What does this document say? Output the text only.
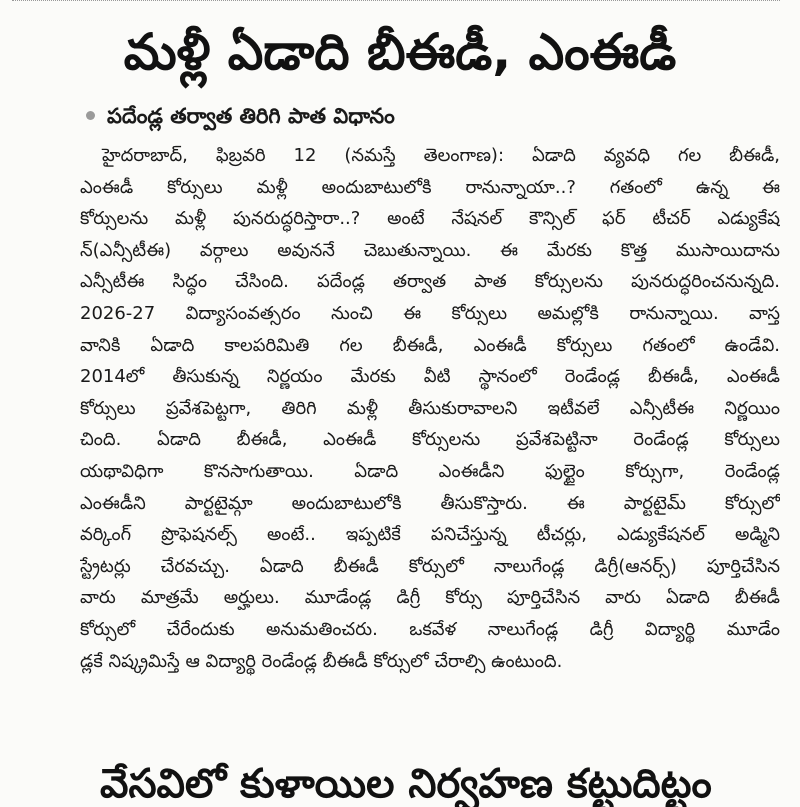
మళ్లీ ఏడాది బీఈడీ, ఎంఈడీ
పదేండ్ల తర్వాత తిరిగి పాత విధానం
హైదరాబాద్, ఫిబ్రవరి 12 (నమస్తే తెలంగాణ): ఏడాది వ్యవధి గల బీఈడీ,
ఎంఈడీ కోర్సులు మళ్లీ అందుబాటులోకి రానున్నాయా..? గతంలో ఉన్న ఈ
కోర్సులను మళ్లీ పునరుద్ధరిస్తారా..? అంటే నేషనల్ కౌన్సిల్ ఫర్ టీచర్ ఎడ్యుకేష
న్(ఎన్సీటీఈ) వర్గాలు అవుననే చెబుతున్నాయి. ఈ మేరకు కొత్త ముసాయిదాను
ఎన్సీటీఈ సిద్ధం చేసింది. పదేండ్ల తర్వాత పాత కోర్సులను పునరుద్ధరించనున్నది.
2026-27 విద్యాసంవత్సరం నుంచి ఈ కోర్సులు అమల్లోకి రానున్నాయి. వాస్త
వానికి ఏడాది కాలపరిమితి గల బీఈడీ, ఎంఈడీ కోర్సులు గతంలో ఉండేవి.
2014లో తీసుకున్న నిర్ణయం మేరకు వీటి స్థానంలో రెండేండ్ల బీఈడీ, ఎంఈడీ
కోర్సులు ప్రవేశపెట్టగా, తిరిగి మళ్లీ తీసుకురావాలని ఇటీవలే ఎన్సీటీఈ నిర్ణయిం
చింది. ఏడాది బీఈడీ, ఎంఈడీ కోర్సులను ప్రవేశపెట్టినా రెండేండ్ల కోర్సులు
యథావిధిగా కొనసాగుతాయి. ఏడాది ఎంఈడీని ఫుల్టైం కోర్సుగా, రెండేండ్ల
ఎంఈడీని పార్టటైమ్గా అందుబాటులోకి తీసుకొస్తారు. ఈ పార్టటైమ్ కోర్సులో
వర్కింగ్ ప్రొఫెషనల్స్ అంటే.. ఇప్పటికే పనిచేస్తున్న టీచర్లు, ఎడ్యుకేషనల్ అడ్మిని
స్ట్రేటర్లు చేరవచ్చు. ఏడాది బీఈడీ కోర్సులో నాలుగేండ్ల డిగ్రీ(ఆనర్స్) పూర్తిచేసిన
వారు మాత్రమే అర్హులు. మూడేండ్ల డిగ్రీ కోర్సు పూర్తిచేసిన వారు ఏడాది బీఈడీ
కోర్సులో చేరేందుకు అనుమతించరు. ఒకవేళ నాలుగేండ్ల డిగ్రీ విద్యార్థి మూడేం
డ్లకే నిష్క్రమిస్తే ఆ విద్యార్థి రెండేండ్ల బీఈడీ కోర్సులో చేరాల్సి ఉంటుంది.
వేసవిలో కుళాయిల నిర్వహణ కట్టుదిట్టం
